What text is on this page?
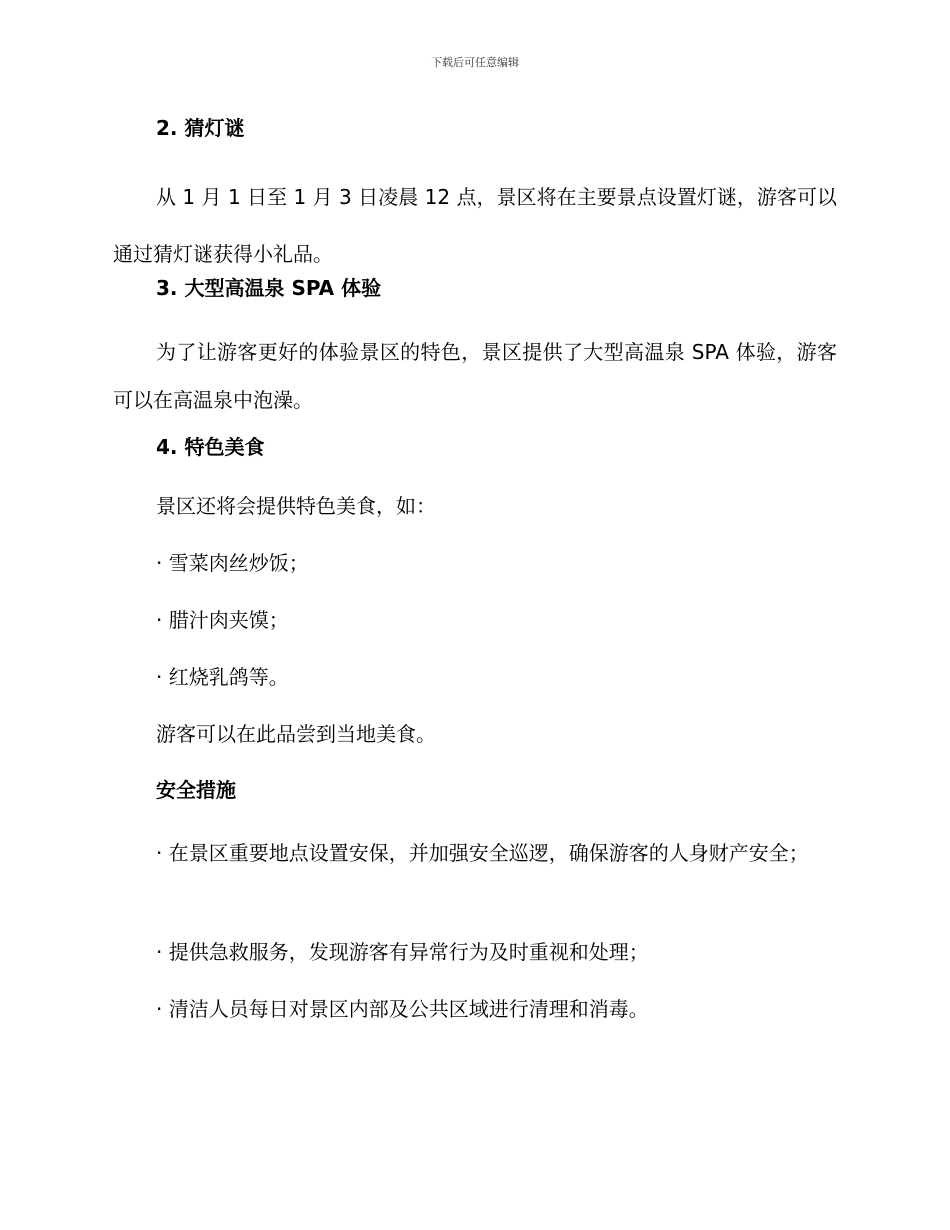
下载后可任意编辑
2. 猜灯谜

从 1 月 1 日至 1 月 3 日凌晨 12 点，景区将在主要景点设置灯谜，游客可以通过猜灯谜获得小礼品。

3. 大型高温泉 SPA 体验

为了让游客更好的体验景区的特色，景区提供了大型高温泉 SPA 体验，游客可以在高温泉中泡澡。

4. 特色美食

景区还将会提供特色美食，如：

· 雪菜肉丝炒饭；

· 腊汁肉夹馍；

· 红烧乳鸽等。

游客可以在此品尝到当地美食。

安全措施

· 在景区重要地点设置安保，并加强安全巡逻，确保游客的人身财产安全；

· 提供急救服务，发现游客有异常行为及时重视和处理；

· 清洁人员每日对景区内部及公共区域进行清理和消毒。
